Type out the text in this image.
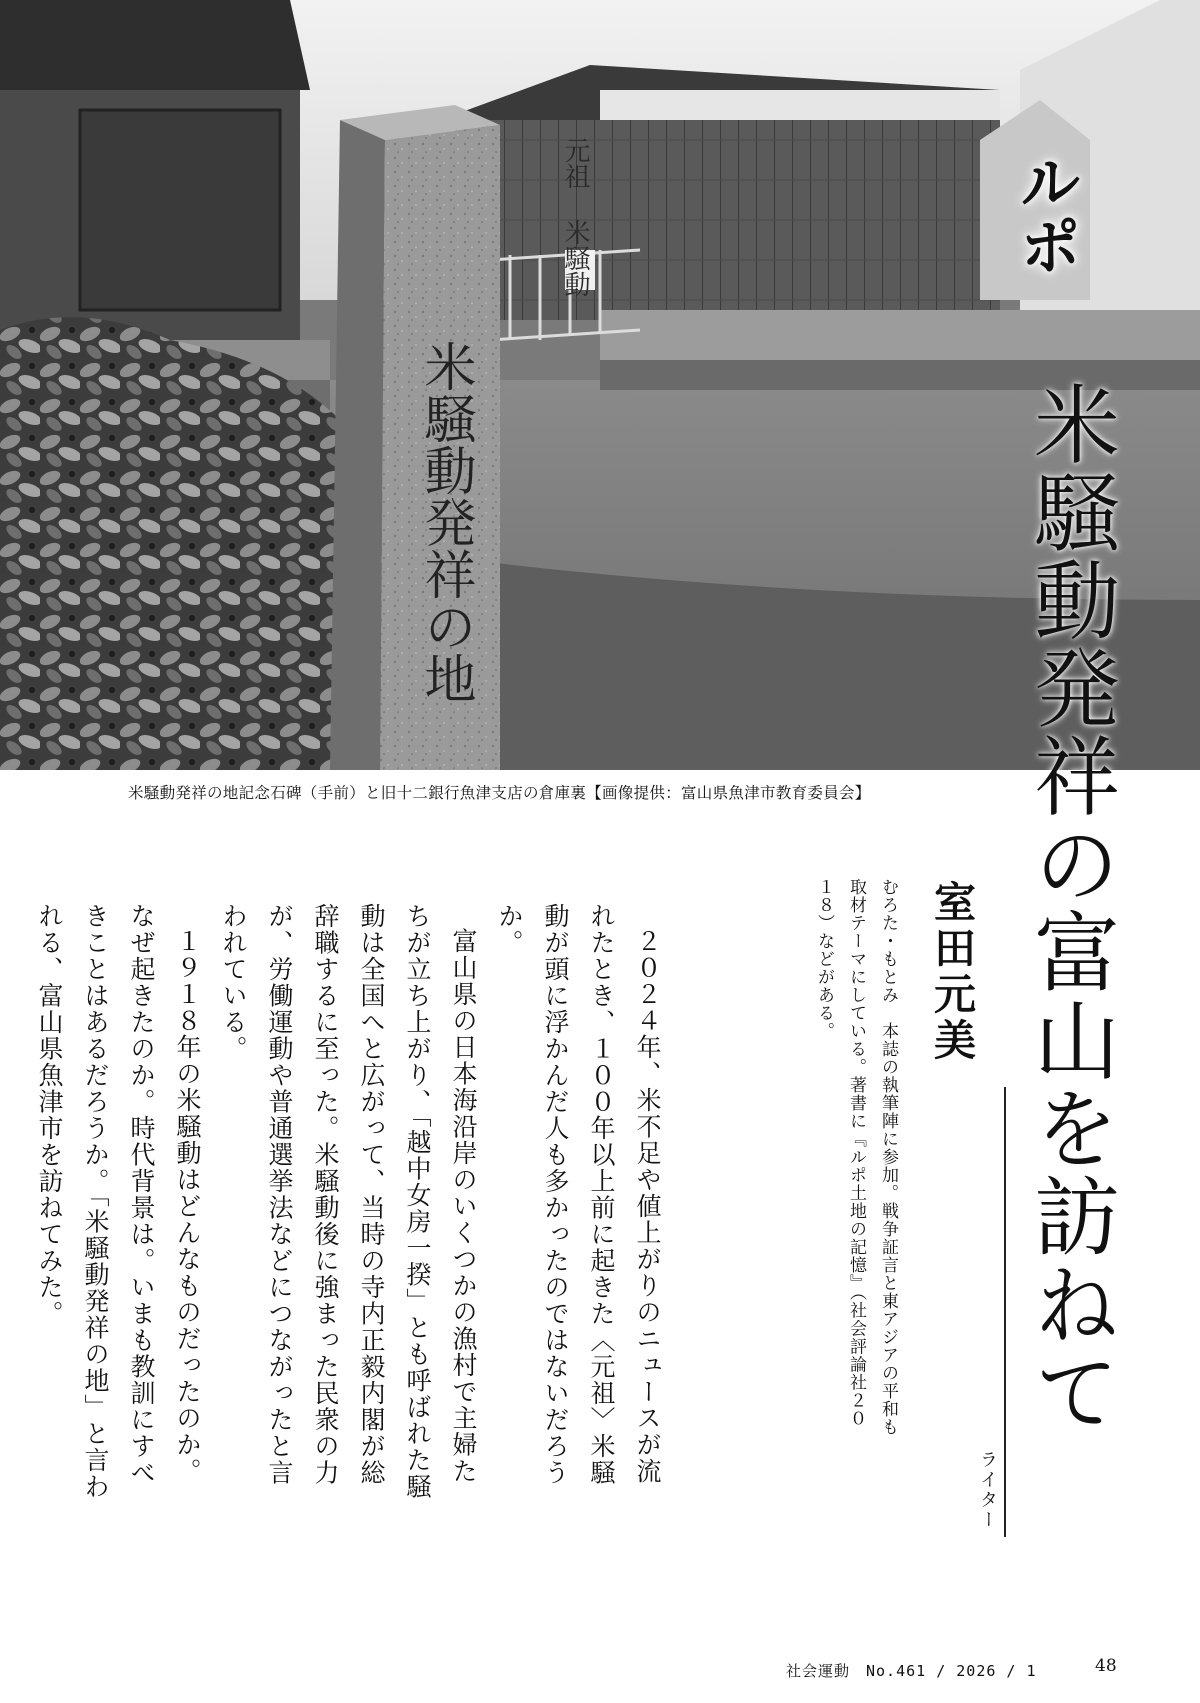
元祖 米騒動
米騒動発祥の地
米騒動発祥の地記念石碑（手前）と旧十二銀行魚津支店の倉庫裏【画像提供：富山県魚津市教育委員会】
ルポ
米騒動発祥の富山を訪ねて
室田元美
ライター
むろた・もとみ　本誌の執筆陣に参加。戦争証言と東アジアの平和も取材テーマにしている。著書に『ルポ土地の記憶』（社会評論社２０１８）などがある。

２０２４年、米不足や値上がりのニュースが流れたとき、１００年以上前に起きた〈元祖〉米騒動が頭に浮かんだ人も多かったのではないだろうか。

富山県の日本海沿岸のいくつかの漁村で主婦たちが立ち上がり、「越中女房一揆」とも呼ばれた騒動は全国へと広がって、当時の寺内正毅内閣が総辞職するに至った。米騒動後に強まった民衆の力が、労働運動や普通選挙法などにつながったと言われている。

１９１８年の米騒動はどんなものだったのか。なぜ起きたのか。時代背景は。いまも教訓にすべきことはあるだろうか。「米騒動発祥の地」と言われる、富山県魚津市を訪ねてみた。

社会運動　No.461 / 2026 / 1	48
